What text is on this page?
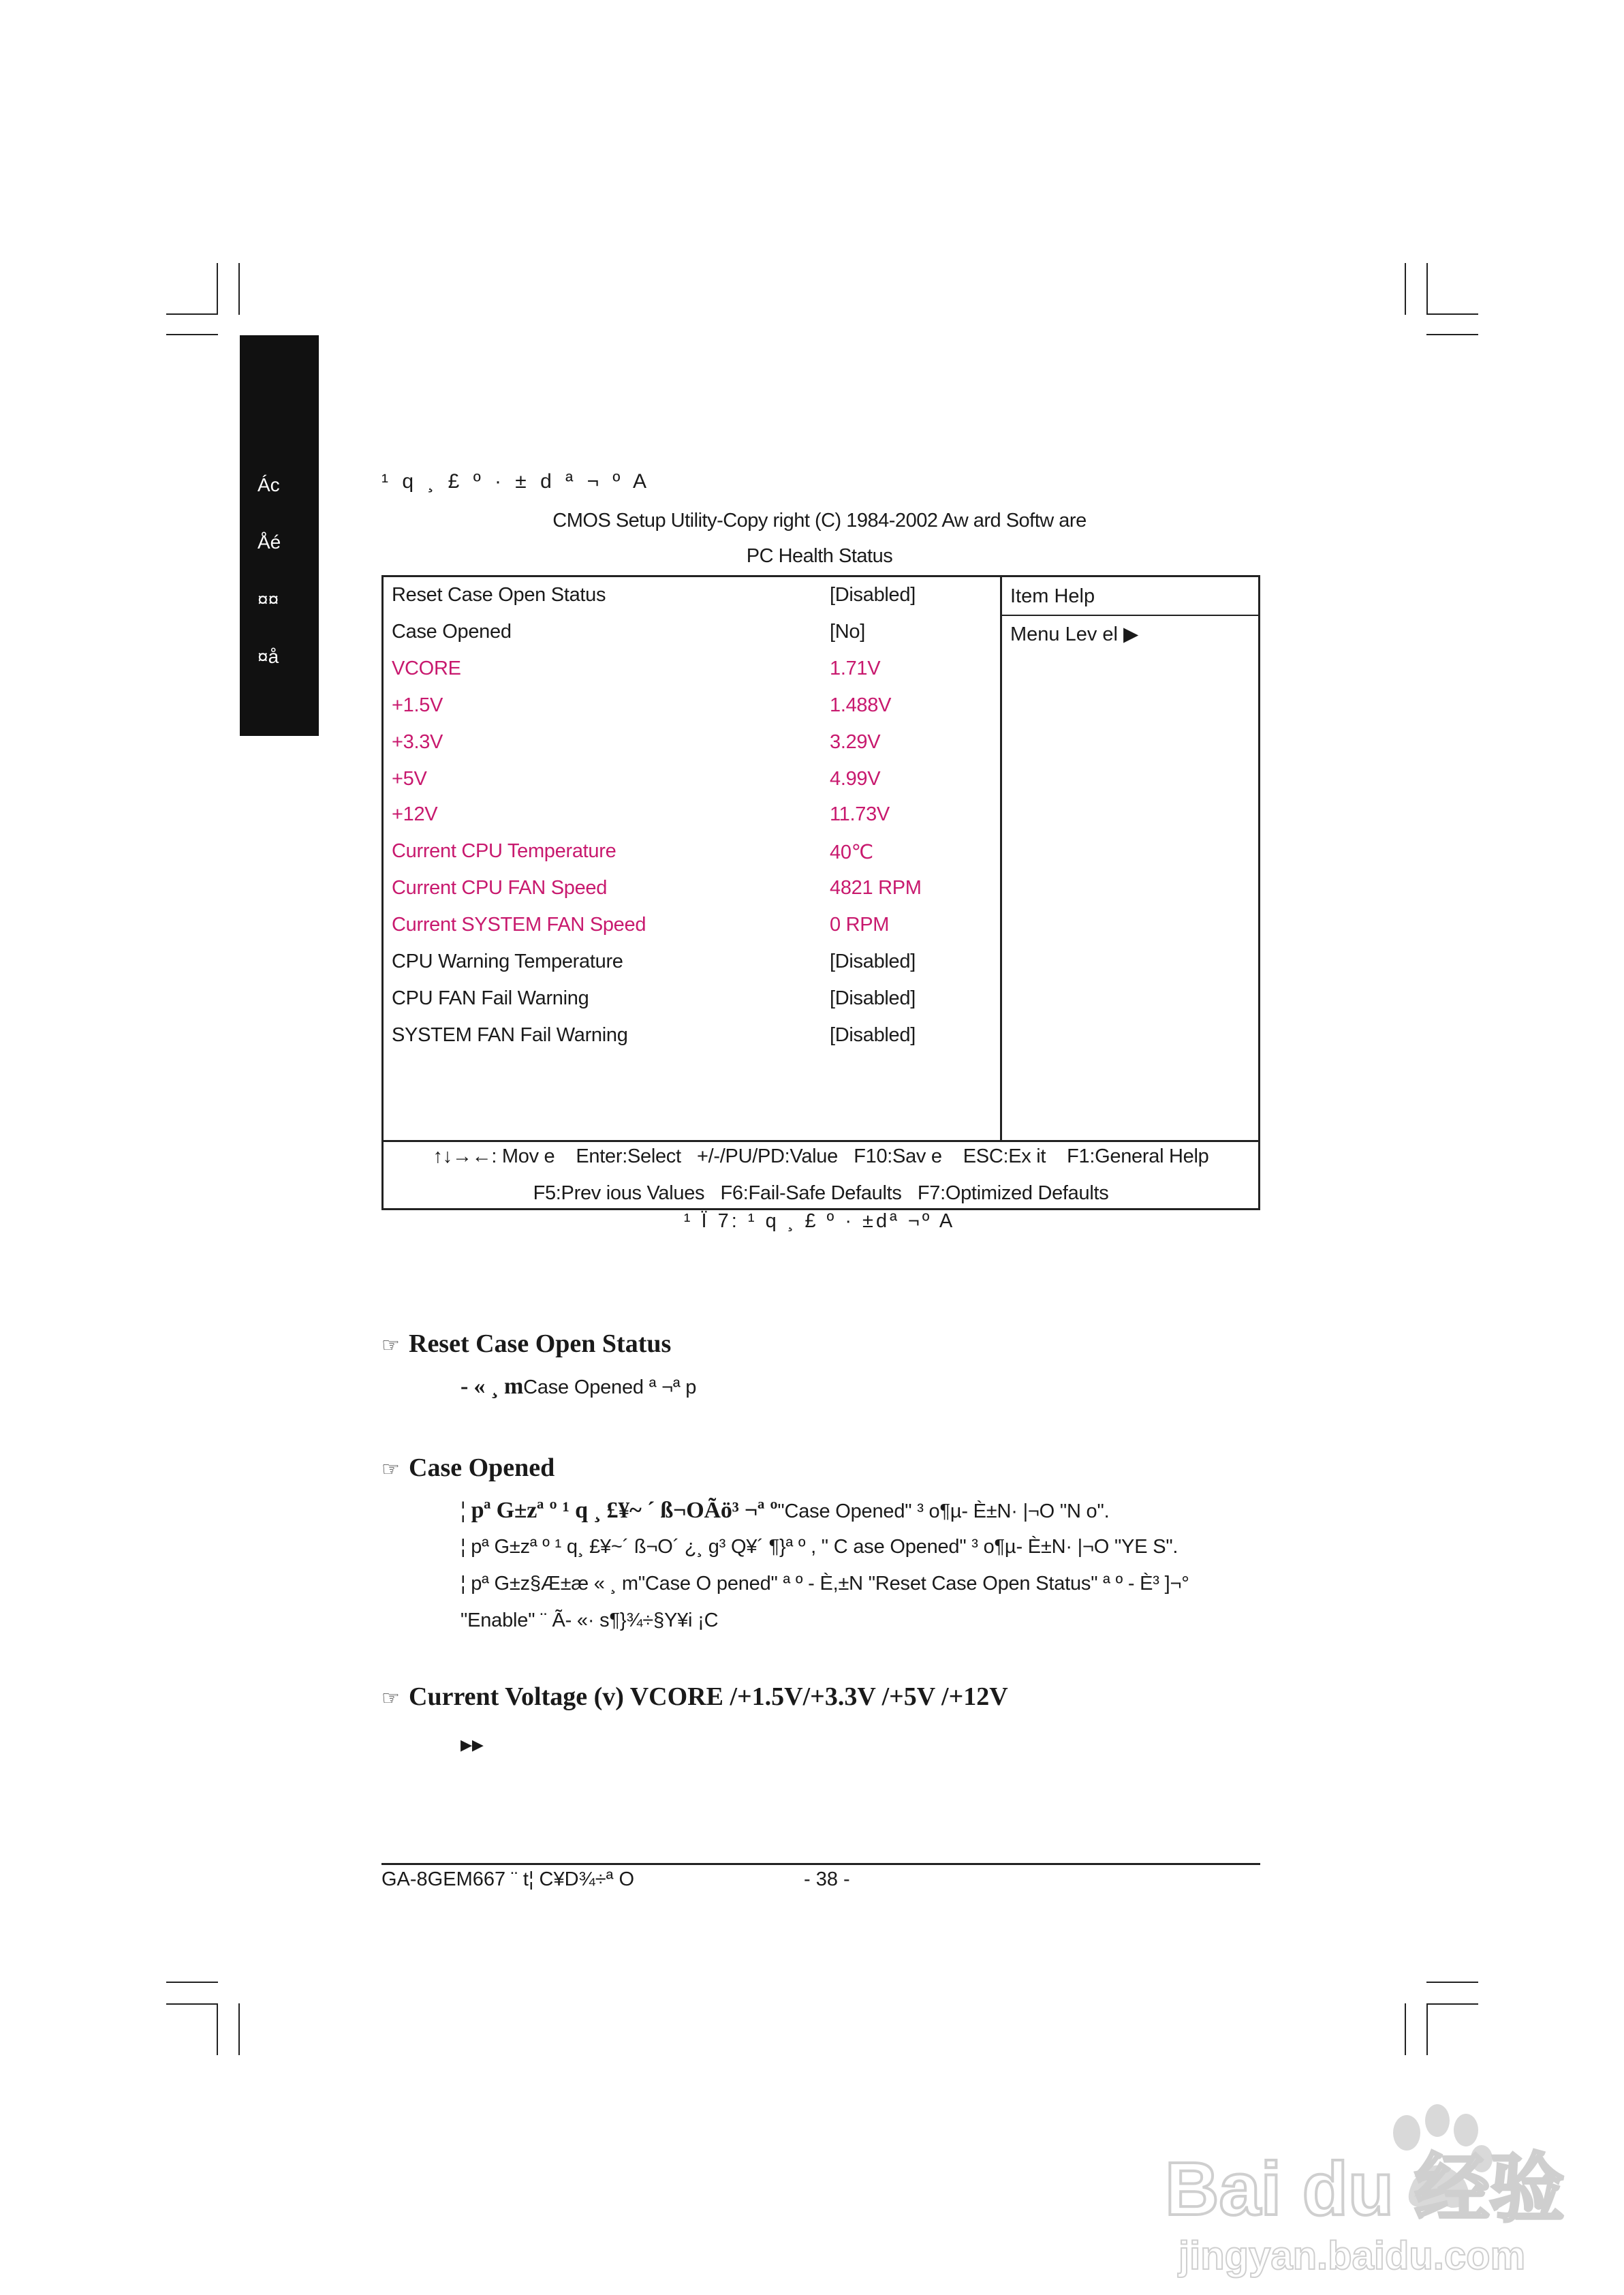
Ác
Åé
¤¤
¤å
¹ q ¸ £ º · ± d ª ¬ º A
CMOS Setup Utility-Copy right (C) 1984-2002 Aw ard Softw are
PC Health Status
Reset Case Open Status	[Disabled]
Case Opened	[No]
VCORE	1.71V
+1.5V	1.488V
+3.3V	3.29V
+5V	4.99V
+12V	11.73V
Current CPU Temperature	40℃
Current CPU FAN Speed	4821 RPM
Current SYSTEM FAN Speed	0 RPM
CPU Warning Temperature	[Disabled]
CPU FAN Fail Warning	[Disabled]
SYSTEM FAN Fail Warning	[Disabled]
Item Help
Menu Lev el ▶
↑↓→←: Mov e    Enter:Select   +/-/PU/PD:Value   F10:Sav e    ESC:Ex it    F1:General Help
F5:Prev ious Values   F6:Fail-Safe Defaults   F7:Optimized Defaults
¹ Ï 7: ¹ q ¸ £ º · ±dª ¬º A
☞ Reset Case Open Status
- « ¸ mCase Opened ª ¬ª p
☞ Case Opened
¦ pª G±zª º ¹ q ¸ £¥~ ´ ß¬OÃö³ ¬ª º"Case Opened" ³ o¶µ- È±N· |¬O "N o".
¦ pª G±zª º ¹ q¸ £¥~´ ß¬O´ ¿¸ g³ Q¥´ ¶}ª º , " C ase Opened" ³ o¶µ- È±N· |¬O "YE S".
¦ pª G±z§Æ±æ « ¸ m"Case O pened" ª º - È,±N "Reset Case Open Status" ª º - È³ ]¬°
"Enable" ¨ Ã- «· s¶}¾÷§Y¥i ¡C
☞ Current Voltage (v) VCORE /+1.5V/+3.3V /+5V /+12V
▸▸
GA-8GEM667 ¨ t¦ C¥D¾÷ª O	- 38 -
Bai du 经验
jingyan.baidu.com
